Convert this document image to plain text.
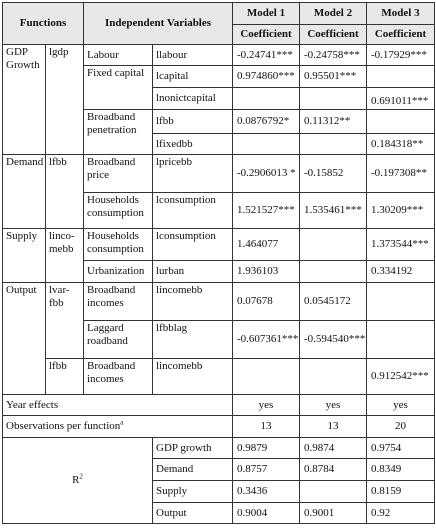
Functions		Independent Variables		Model 1	Model 2	Model 3
				Coefficient	Coefficient	Coefficient
GDP Growth	lgdp	Labour	llabour	-0.24741***	-0.24758***	-0.17929***
		Fixed capital	lcapital	0.974860***	0.95501***	
			lnonictcapital			0.691011***
		Broadband penetration	lfbb	0.0876792*	0.11312**	
			lfixedbb			0.184318**
Demand	lfbb	Broadband price	lpricebb	-0.2906013 *	-0.15852	-0.197308**
		Households consumption	lconsumption	1.521527***	1.535461***	1.30209***
Supply	linco-mebb	Households consumption	lconsumption	1.464077		1.373544***
		Urbanization	lurban	1.936103		0.334192
Output	lvar-fbb	Broadband incomes	lincomebb	0.07678	0.0545172	
		Laggard roadband	lfbblag	-0.607361***	-0.594540***	
	lfbb	Broadband incomes	lincomebb			0.912542***
Year effects				yes	yes	yes
Observations per function$^a$				13	13	20
$R^2$			GDP growth	0.9879	0.9874	0.9754
			Demand	0.8757	0.8784	0.8349
			Supply	0.3436		0.8159
			Output	0.9004	0.9001	0.92
